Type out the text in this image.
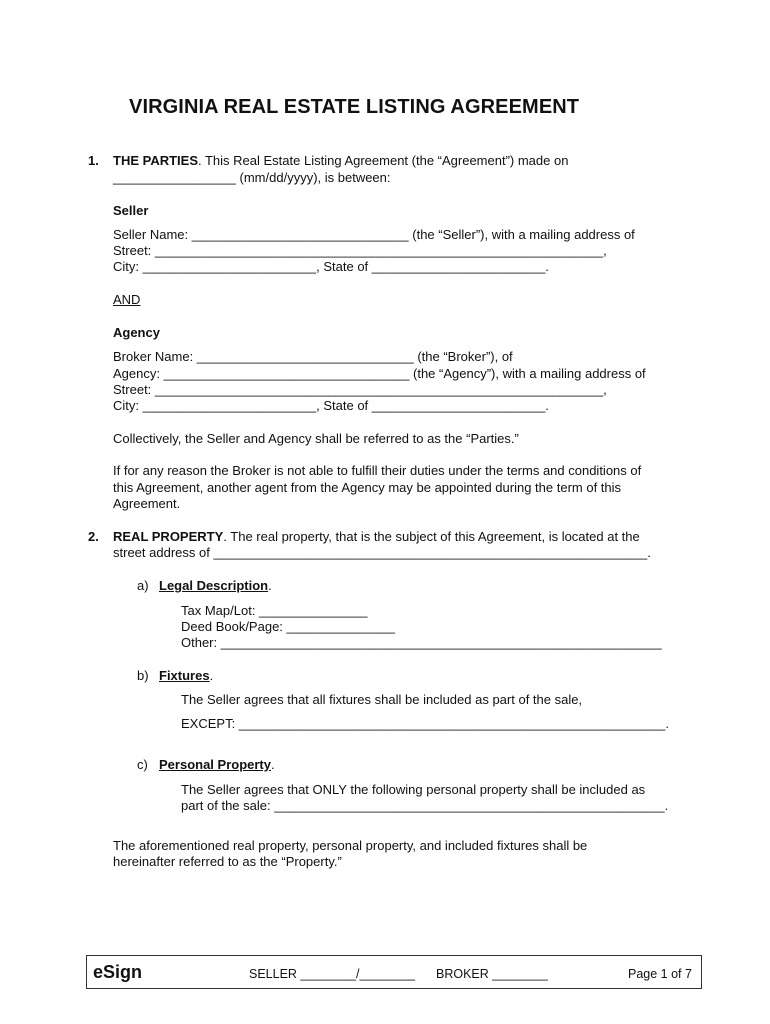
VIRGINIA REAL ESTATE LISTING AGREEMENT
1. THE PARTIES. This Real Estate Listing Agreement (the “Agreement”) made on
_________________ (mm/dd/yyyy), is between:
Seller
Seller Name: ______________________________ (the “Seller”), with a mailing address of
Street: ______________________________________________________________,
City: ________________________, State of ________________________.
AND
Agency
Broker Name: ______________________________ (the “Broker”), of
Agency: __________________________________ (the “Agency”), with a mailing address of
Street: ______________________________________________________________,
City: ________________________, State of ________________________.
Collectively, the Seller and Agency shall be referred to as the “Parties.”
If for any reason the Broker is not able to fulfill their duties under the terms and conditions of
this Agreement, another agent from the Agency may be appointed during the term of this
Agreement.
2. REAL PROPERTY. The real property, that is the subject of this Agreement, is located at the
street address of ____________________________________________________________.
a) Legal Description.
Tax Map/Lot: _______________
Deed Book/Page: _______________
Other: _____________________________________________________________
b) Fixtures.
The Seller agrees that all fixtures shall be included as part of the sale,
EXCEPT: ___________________________________________________________.
c) Personal Property.
The Seller agrees that ONLY the following personal property shall be included as
part of the sale: ______________________________________________________.
The aforementioned real property, personal property, and included fixtures shall be
hereinafter referred to as the “Property.”
eSign	SELLER ________/________ BROKER ________	Page 1 of 7
